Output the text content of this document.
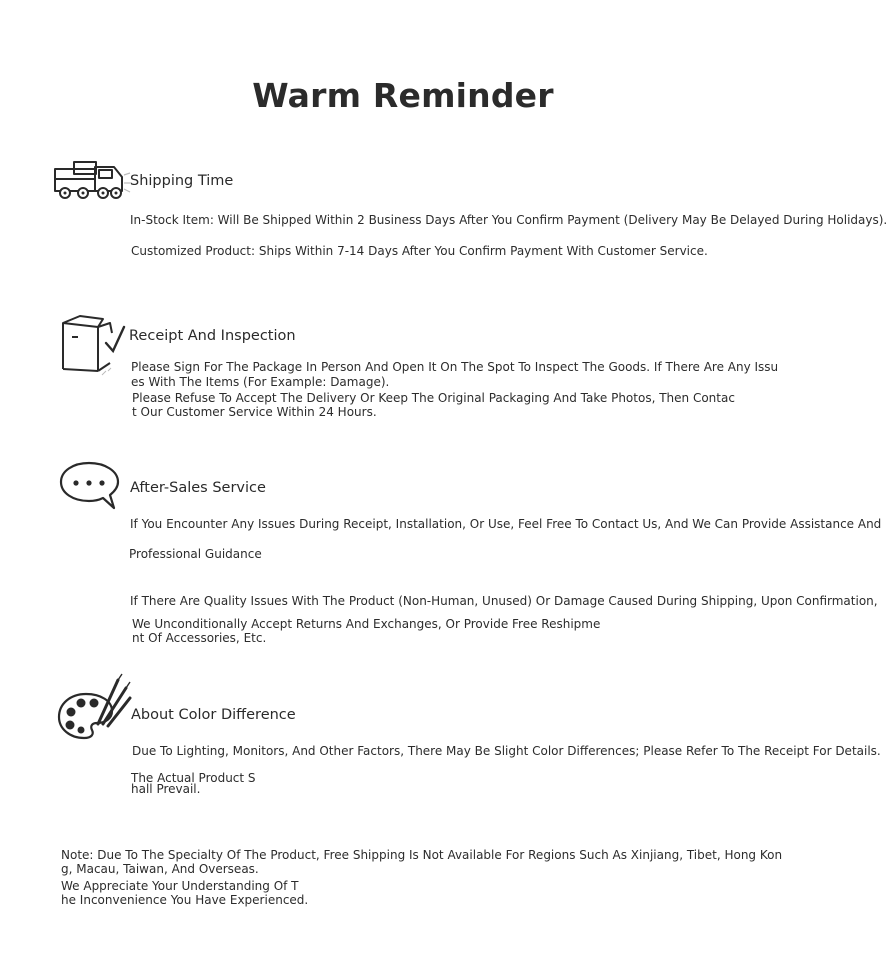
Warm Reminder
Shipping Time
In-Stock Item: Will Be Shipped Within 2 Business Days After You Confirm Payment (Delivery May Be Delayed During Holidays).
Customized Product: Ships Within 7-14 Days After You Confirm Payment With Customer Service.
Receipt And Inspection
Please Sign For The Package In Person And Open It On The Spot To Inspect The Goods. If There Are Any Issu
es With The Items (For Example: Damage).
Please Refuse To Accept The Delivery Or Keep The Original Packaging And Take Photos, Then Contac
t Our Customer Service Within 24 Hours.
After-Sales Service
If You Encounter Any Issues During Receipt, Installation, Or Use, Feel Free To Contact Us, And We Can Provide Assistance And
Professional Guidance
If There Are Quality Issues With The Product (Non-Human, Unused) Or Damage Caused During Shipping, Upon Confirmation,
We Unconditionally Accept Returns And Exchanges, Or Provide Free Reshipme
nt Of Accessories, Etc.
About Color Difference
Due To Lighting, Monitors, And Other Factors, There May Be Slight Color Differences; Please Refer To The Receipt For Details.
The Actual Product S
hall Prevail.
Note: Due To The Specialty Of The Product, Free Shipping Is Not Available For Regions Such As Xinjiang, Tibet, Hong Kon
g, Macau, Taiwan, And Overseas.
We Appreciate Your Understanding Of T
he Inconvenience You Have Experienced.
